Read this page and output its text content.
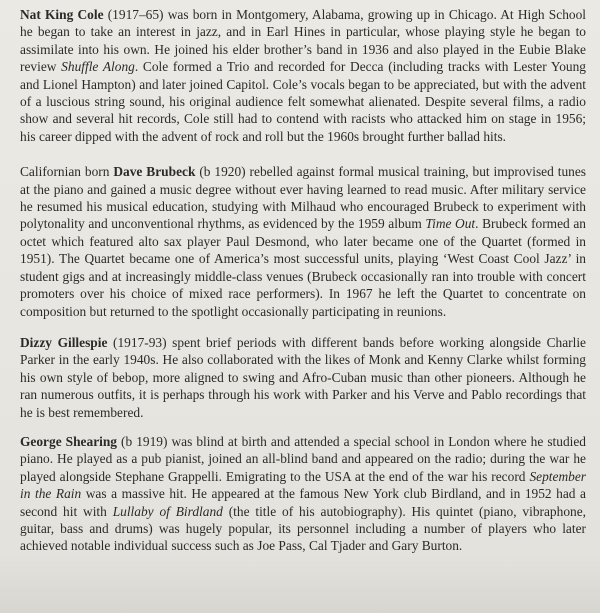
Nat King Cole (1917–65) was born in Montgomery, Alabama, growing up in Chicago. At High School he began to take an interest in jazz, and in Earl Hines in particular, whose playing style he began to assimilate into his own. He joined his elder brother’s band in 1936 and also played in the Eubie Blake review Shuffle Along. Cole formed a Trio and recorded for Decca (including tracks with Lester Young and Lionel Hampton) and later joined Capitol. Cole’s vocals began to be appreciated, but with the advent of a luscious string sound, his original audience felt somewhat alienated. Despite several films, a radio show and several hit records, Cole still had to contend with racists who attacked him on stage in 1956; his career dipped with the advent of rock and roll but the 1960s brought further ballad hits.

Californian born Dave Brubeck (b 1920) rebelled against formal musical training, but improvised tunes at the piano and gained a music degree without ever having learned to read music. After military service he resumed his musical education, studying with Milhaud who encouraged Brubeck to experiment with polytonality and unconventional rhythms, as evidenced by the 1959 album Time Out. Brubeck formed an octet which featured alto sax player Paul Desmond, who later became one of the Quartet (formed in 1951). The Quartet became one of America’s most successful units, playing ‘West Coast Cool Jazz’ in student gigs and at increasingly middle-class venues (Brubeck occasionally ran into trouble with concert promoters over his choice of mixed race performers). In 1967 he left the Quartet to concentrate on composition but returned to the spotlight occasionally participating in reunions.

Dizzy Gillespie (1917-93) spent brief periods with different bands before working alongside Charlie Parker in the early 1940s. He also collaborated with the likes of Monk and Kenny Clarke whilst forming his own style of bebop, more aligned to swing and Afro-Cuban music than other pioneers. Although he ran numerous outfits, it is perhaps through his work with Parker and his Verve and Pablo recordings that he is best remembered.

George Shearing (b 1919) was blind at birth and attended a special school in London where he studied piano. He played as a pub pianist, joined an all-blind band and appeared on the radio; during the war he played alongside Stephane Grappelli. Emigrating to the USA at the end of the war his record September in the Rain was a massive hit. He appeared at the famous New York club Birdland, and in 1952 had a second hit with Lullaby of Birdland (the title of his autobiography). His quintet (piano, vibraphone, guitar, bass and drums) was hugely popular, its personnel including a number of players who later achieved notable individual success such as Joe Pass, Cal Tjader and Gary Burton.
